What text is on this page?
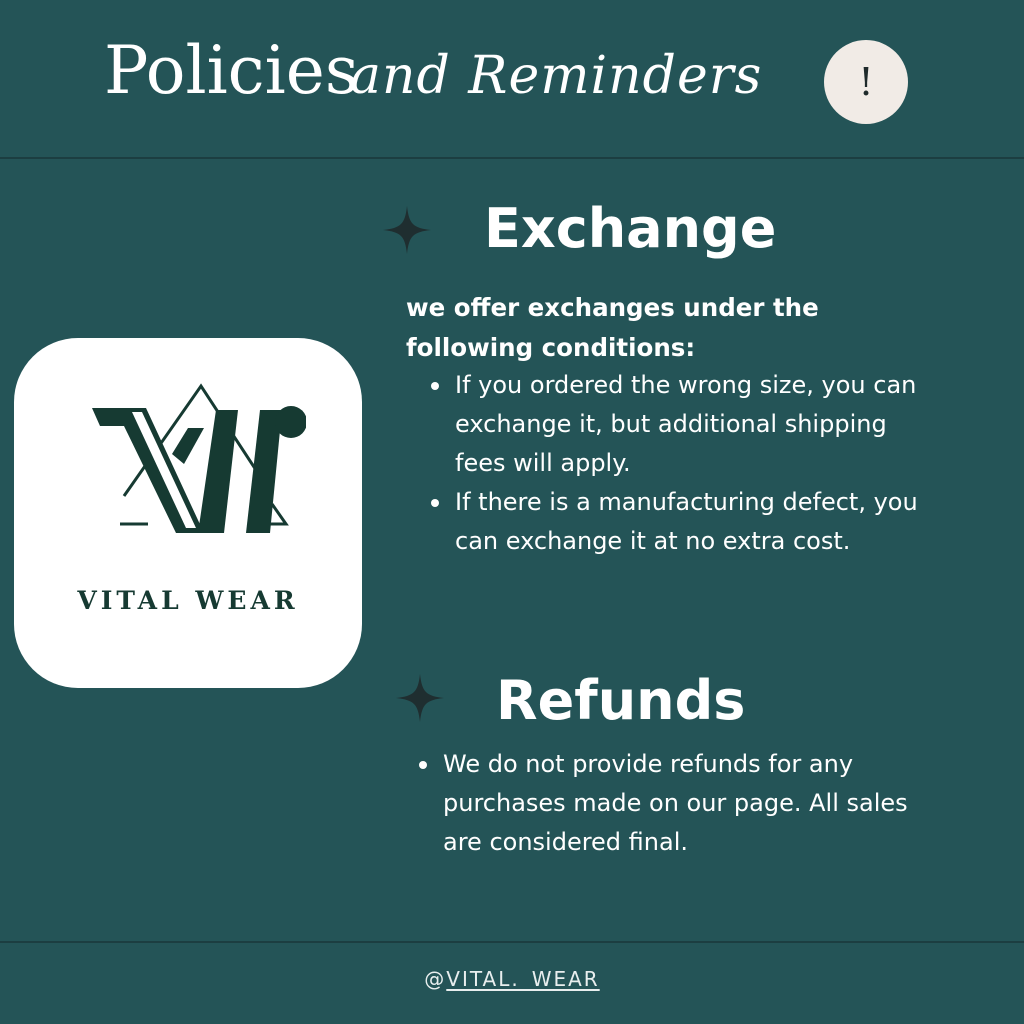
Policies
and Reminders	!
VITAL WEAR
Exchange
we offer exchanges under the following conditions:
If you ordered the wrong size, you can exchange it, but additional shipping fees will apply.
If there is a manufacturing defect, you can exchange it at no extra cost.
Refunds
We do not provide refunds for any purchases made on our page. All sales are considered final.
@VITAL._WEAR
